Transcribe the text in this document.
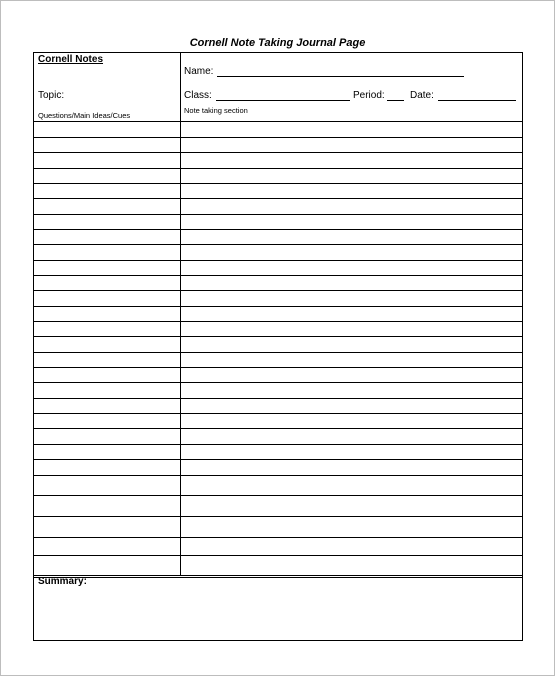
Cornell Note Taking Journal Page
Cornell Notes
Topic:
Questions/Main Ideas/Cues
Name:
Class:	Period:	Date:
Note taking section
Summary:
